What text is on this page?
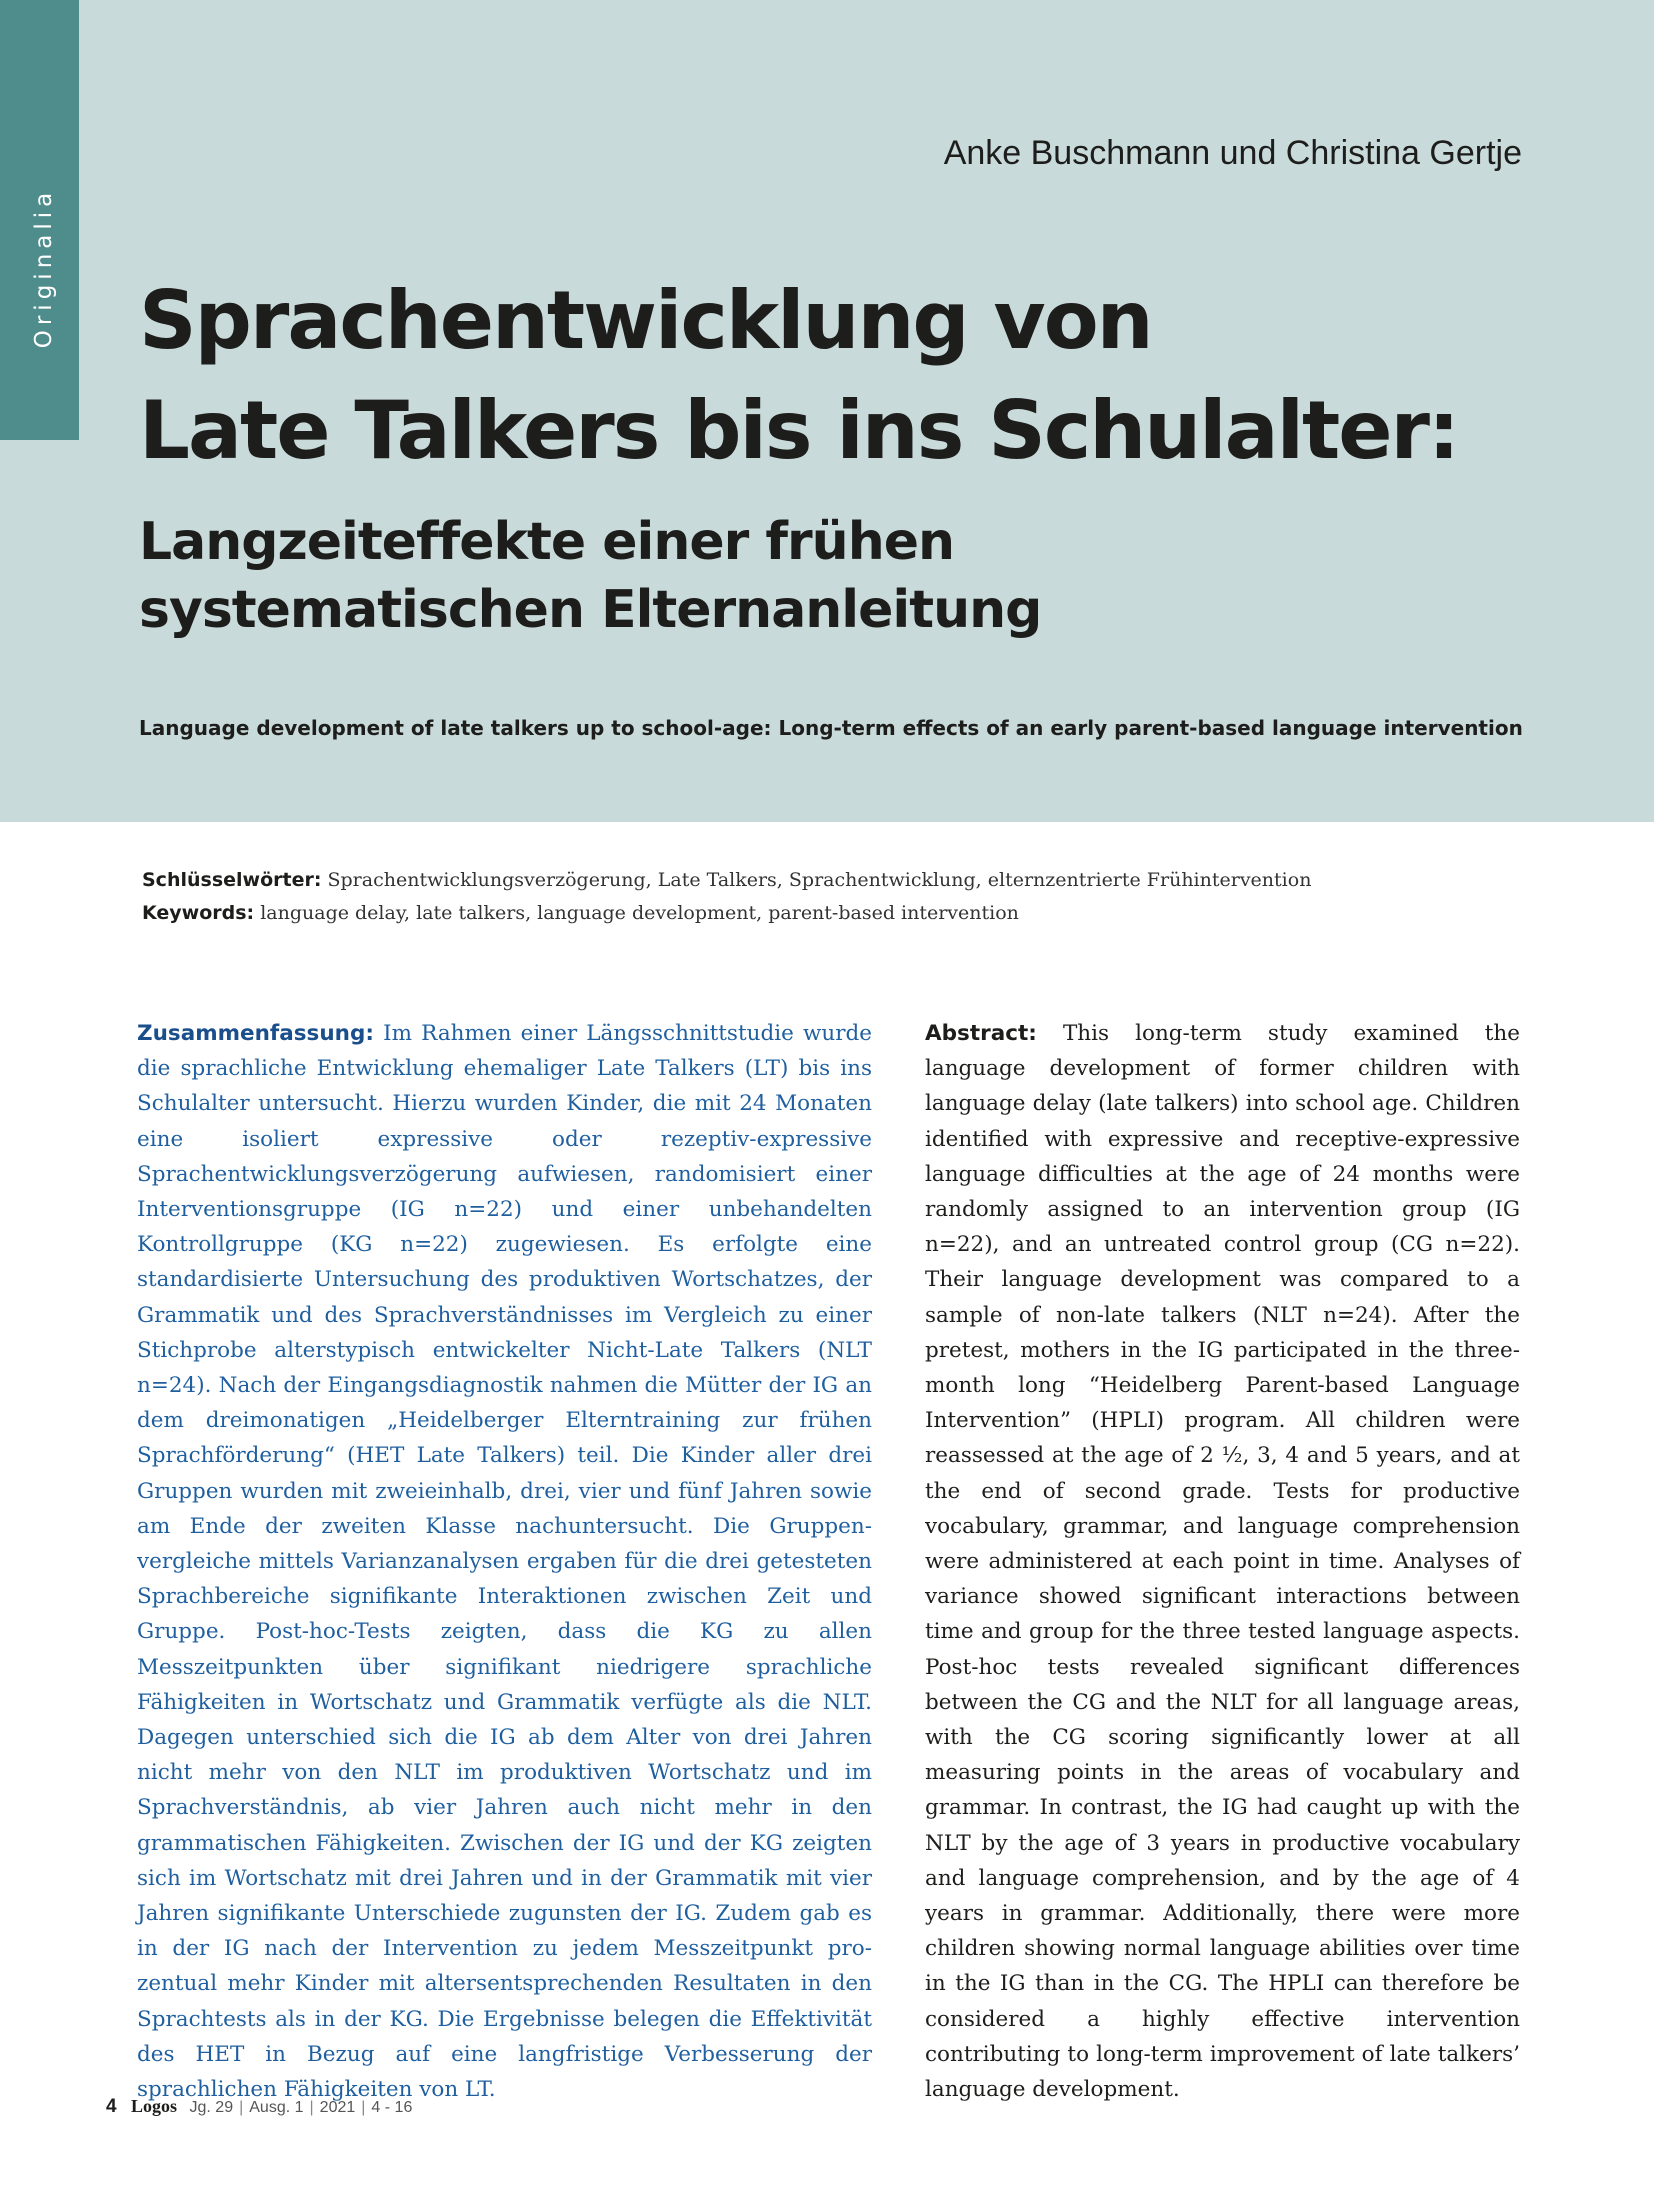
Originalia
Anke Buschmann und Christina Gertje
Sprachentwicklung von
Late Talkers bis ins Schulalter:
Langzeiteffekte einer frühen
systematischen Elternanleitung
Language development of late talkers up to school-age: Long-term effects of an early parent-based language intervention
Schlüsselwörter: Sprachentwicklungsverzögerung, Late Talkers, Sprachentwicklung, elternzentrierte Frühintervention
Keywords: language delay, late talkers, language development, parent-based intervention
Zusammenfassung: Im Rahmen einer Längsschnittstudie wurde die sprachliche Entwicklung ehemaliger Late Talkers (LT) bis ins Schulalter untersucht. Hierzu wurden Kinder, die mit 24 Monaten eine isoliert expressive oder rezeptiv-expressive Sprachentwicklungsverzögerung aufwiesen, randomisiert einer Interventionsgruppe (IG n=22) und einer unbehandelten Kontrollgruppe (KG n=22) zugewiesen. Es erfolgte eine standardisierte Untersuchung des produktiven Wortschatzes, der Grammatik und des Sprachverständnisses im Vergleich zu einer Stichprobe alterstypisch entwickelter Nicht-Late Talkers (NLT n=24). Nach der Eingangsdiagnostik nahmen die Mütter der IG an dem dreimonatigen „Heidelberger Elterntraining zur frühen Sprachförderung“ (HET Late Talkers) teil. Die Kinder aller drei Gruppen wurden mit zweieinhalb, drei, vier und fünf Jahren sowie am Ende der zweiten Klasse nachuntersucht. Die Gruppenvergleiche mittels Varianzanalysen ergaben für die drei getesteten Sprachbereiche signifikante Interaktionen zwischen Zeit und Gruppe. Post-hoc-Tests zeigten, dass die KG zu allen Messzeitpunkten über signifikant niedrigere sprachliche Fähigkeiten in Wortschatz und Grammatik verfügte als die NLT. Dagegen unterschied sich die IG ab dem Alter von drei Jahren nicht mehr von den NLT im produktiven Wortschatz und im Sprachverständnis, ab vier Jahren auch nicht mehr in den grammatischen Fähigkeiten. Zwischen der IG und der KG zeigten sich im Wortschatz mit drei Jahren und in der Grammatik mit vier Jahren signifikante Unterschiede zugunsten der IG. Zudem gab es in der IG nach der Intervention zu jedem Messzeitpunkt prozentual mehr Kinder mit altersentsprechenden Resultaten in den Sprachtests als in der KG. Die Ergebnisse belegen die Effektivität des HET in Bezug auf eine langfristige Verbesserung der sprachlichen Fähigkeiten von LT.
Abstract: This long-term study examined the language development of former children with language delay (late talkers) into school age. Children identified with expressive and receptive-expressive language difficulties at the age of 24 months were randomly assigned to an intervention group (IG n=22), and an untreated control group (CG n=22). Their language development was compared to a sample of non-late talkers (NLT n=24). After the pretest, mothers in the IG participated in the three-month long “Heidelberg Parent-based Language Intervention” (HPLI) program. All children were reassessed at the age of 2 ½, 3, 4 and 5 years, and at the end of second grade. Tests for productive vocabulary, grammar, and language comprehension were administered at each point in time. Analyses of variance showed significant interactions between time and group for the three tested language aspects. Post-hoc tests revealed significant differences between the CG and the NLT for all language areas, with the CG scoring significantly lower at all measuring points in the areas of vocabulary and grammar. In contrast, the IG had caught up with the NLT by the age of 3 years in productive vocabulary and language comprehension, and by the age of 4 years in grammar. Additionally, there were more children showing normal language abilities over time in the IG than in the CG. The HPLI can therefore be considered a highly effective intervention contributing to long-term improvement of late talkers’ language development.
4 Logos Jg. 29 | Ausg. 1 | 2021 | 4 - 16
